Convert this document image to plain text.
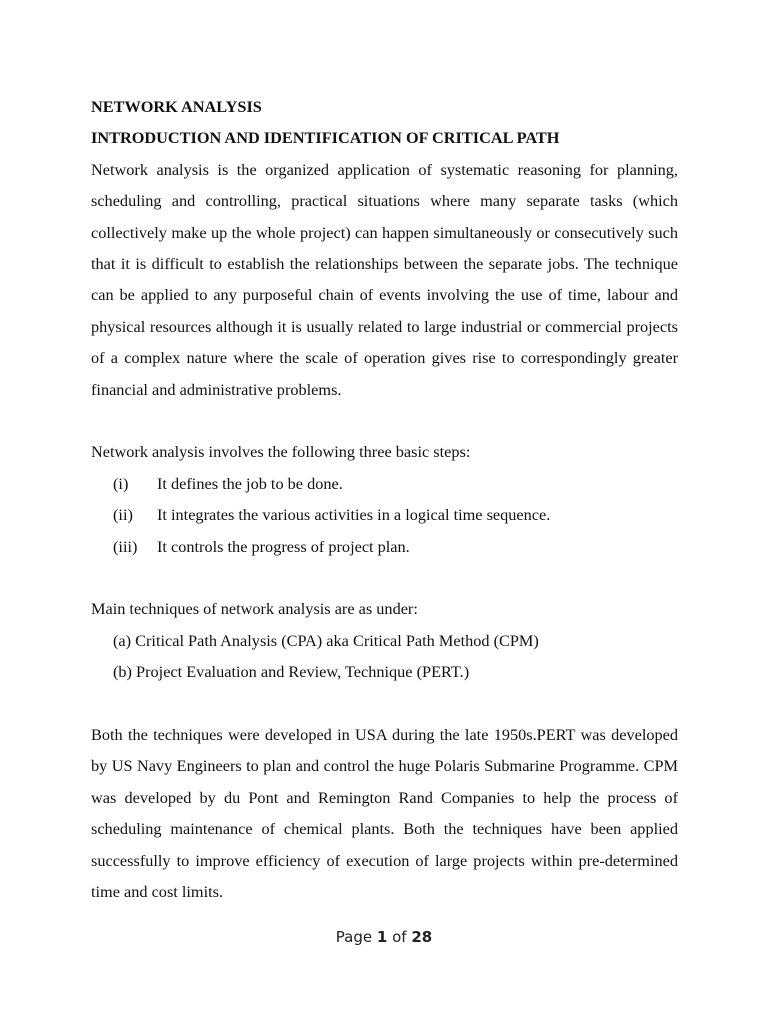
NETWORK ANALYSIS

INTRODUCTION AND IDENTIFICATION OF CRITICAL PATH

Network analysis is the organized application of systematic reasoning for planning, scheduling and controlling, practical situations where many separate tasks (which collectively make up the whole project) can happen simultaneously or consecutively such that it is difficult to establish the relationships between the separate jobs. The technique can be applied to any purposeful chain of events involving the use of time, labour and physical resources although it is usually related to large industrial or commercial projects of a complex nature where the scale of operation gives rise to correspondingly greater financial and administrative problems.

Network analysis involves the following three basic steps:

(i)	It defines the job to be done.
(ii)	It integrates the various activities in a logical time sequence.
(iii)	It controls the progress of project plan.

Main techniques of network analysis are as under:

(a) Critical Path Analysis (CPA) aka Critical Path Method (CPM)
(b) Project Evaluation and Review, Technique (PERT.)

Both the techniques were developed in USA during the late 1950s.PERT was developed by US Navy Engineers to plan and control the huge Polaris Submarine Programme. CPM was developed by du Pont and Remington Rand Companies to help the process of scheduling maintenance of chemical plants. Both the techniques have been applied successfully to improve efficiency of execution of large projects within pre-determined time and cost limits.

Page 1 of 28
